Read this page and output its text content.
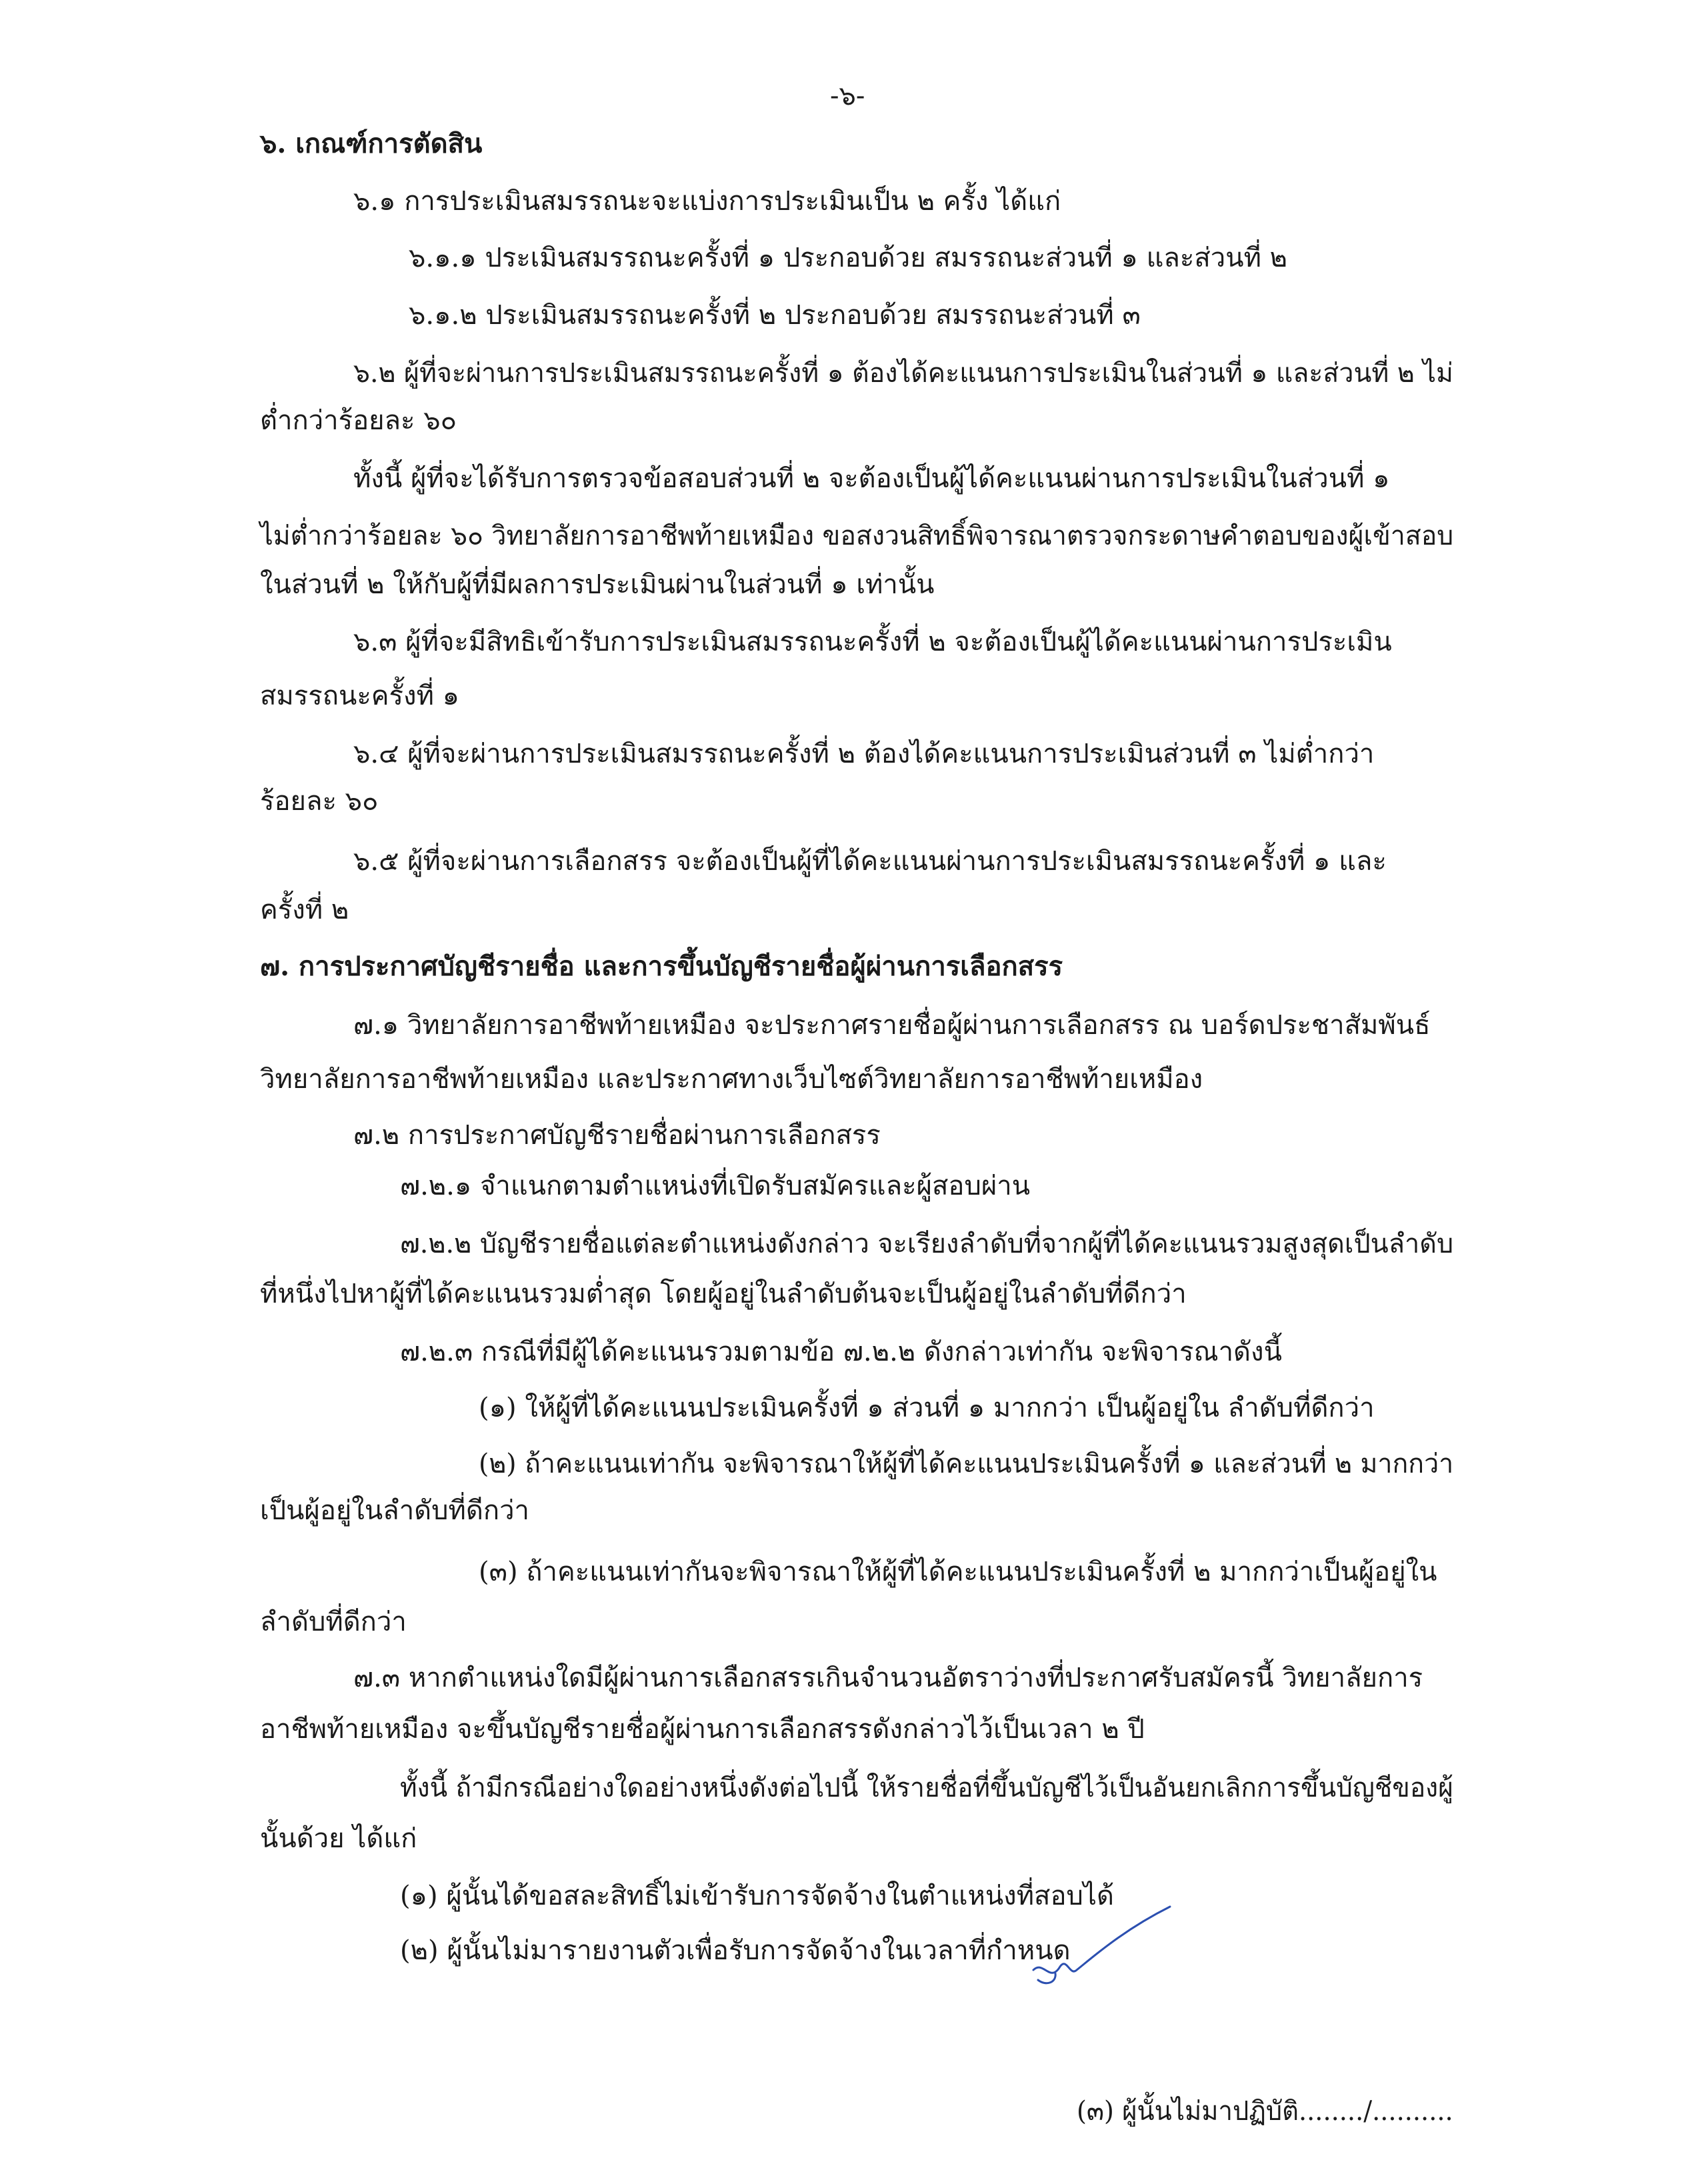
-๖-
๖. เกณฑ์การตัดสิน
๖.๑ การประเมินสมรรถนะจะแบ่งการประเมินเป็น ๒ ครั้ง ได้แก่
๖.๑.๑ ประเมินสมรรถนะครั้งที่ ๑ ประกอบด้วย สมรรถนะส่วนที่ ๑ และส่วนที่ ๒
๖.๑.๒ ประเมินสมรรถนะครั้งที่ ๒ ประกอบด้วย สมรรถนะส่วนที่ ๓
๖.๒ ผู้ที่จะผ่านการประเมินสมรรถนะครั้งที่ ๑ ต้องได้คะแนนการประเมินในส่วนที่ ๑ และส่วนที่ ๒ ไม่
ต่ำกว่าร้อยละ ๖๐
ทั้งนี้ ผู้ที่จะได้รับการตรวจข้อสอบส่วนที่ ๒ จะต้องเป็นผู้ได้คะแนนผ่านการประเมินในส่วนที่ ๑
ไม่ต่ำกว่าร้อยละ ๖๐ วิทยาลัยการอาชีพท้ายเหมือง ขอสงวนสิทธิ์พิจารณาตรวจกระดาษคำตอบของผู้เข้าสอบ
ในส่วนที่ ๒ ให้กับผู้ที่มีผลการประเมินผ่านในส่วนที่ ๑ เท่านั้น
๖.๓ ผู้ที่จะมีสิทธิเข้ารับการประเมินสมรรถนะครั้งที่ ๒ จะต้องเป็นผู้ได้คะแนนผ่านการประเมิน
สมรรถนะครั้งที่ ๑
๖.๔ ผู้ที่จะผ่านการประเมินสมรรถนะครั้งที่ ๒ ต้องได้คะแนนการประเมินส่วนที่ ๓ ไม่ต่ำกว่า
ร้อยละ ๖๐
๖.๕ ผู้ที่จะผ่านการเลือกสรร จะต้องเป็นผู้ที่ได้คะแนนผ่านการประเมินสมรรถนะครั้งที่ ๑ และ
ครั้งที่ ๒
๗. การประกาศบัญชีรายชื่อ และการขึ้นบัญชีรายชื่อผู้ผ่านการเลือกสรร
๗.๑ วิทยาลัยการอาชีพท้ายเหมือง จะประกาศรายชื่อผู้ผ่านการเลือกสรร ณ บอร์ดประชาสัมพันธ์
วิทยาลัยการอาชีพท้ายเหมือง และประกาศทางเว็บไซต์วิทยาลัยการอาชีพท้ายเหมือง
๗.๒ การประกาศบัญชีรายชื่อผ่านการเลือกสรร
๗.๒.๑ จำแนกตามตำแหน่งที่เปิดรับสมัครและผู้สอบผ่าน
๗.๒.๒ บัญชีรายชื่อแต่ละตำแหน่งดังกล่าว จะเรียงลำดับที่จากผู้ที่ได้คะแนนรวมสูงสุดเป็นลำดับ
ที่หนึ่งไปหาผู้ที่ได้คะแนนรวมต่ำสุด โดยผู้อยู่ในลำดับต้นจะเป็นผู้อยู่ในลำดับที่ดีกว่า
๗.๒.๓ กรณีที่มีผู้ได้คะแนนรวมตามข้อ ๗.๒.๒ ดังกล่าวเท่ากัน จะพิจารณาดังนี้
(๑) ให้ผู้ที่ได้คะแนนประเมินครั้งที่ ๑ ส่วนที่ ๑ มากกว่า เป็นผู้อยู่ใน ลำดับที่ดีกว่า
(๒) ถ้าคะแนนเท่ากัน จะพิจารณาให้ผู้ที่ได้คะแนนประเมินครั้งที่ ๑ และส่วนที่ ๒ มากกว่า
เป็นผู้อยู่ในลำดับที่ดีกว่า
(๓) ถ้าคะแนนเท่ากันจะพิจารณาให้ผู้ที่ได้คะแนนประเมินครั้งที่ ๒ มากกว่าเป็นผู้อยู่ใน
ลำดับที่ดีกว่า
๗.๓ หากตำแหน่งใดมีผู้ผ่านการเลือกสรรเกินจำนวนอัตราว่างที่ประกาศรับสมัครนี้ วิทยาลัยการ
อาชีพท้ายเหมือง จะขึ้นบัญชีรายชื่อผู้ผ่านการเลือกสรรดังกล่าวไว้เป็นเวลา ๒ ปี
ทั้งนี้ ถ้ามีกรณีอย่างใดอย่างหนึ่งดังต่อไปนี้ ให้รายชื่อที่ขึ้นบัญชีไว้เป็นอันยกเลิกการขึ้นบัญชีของผู้
นั้นด้วย ได้แก่
(๑) ผู้นั้นได้ขอสละสิทธิ์ไม่เข้ารับการจัดจ้างในตำแหน่งที่สอบได้
(๒) ผู้นั้นไม่มารายงานตัวเพื่อรับการจัดจ้างในเวลาที่กำหนด
(๓) ผู้นั้นไม่มาปฏิบัติ......../..........
